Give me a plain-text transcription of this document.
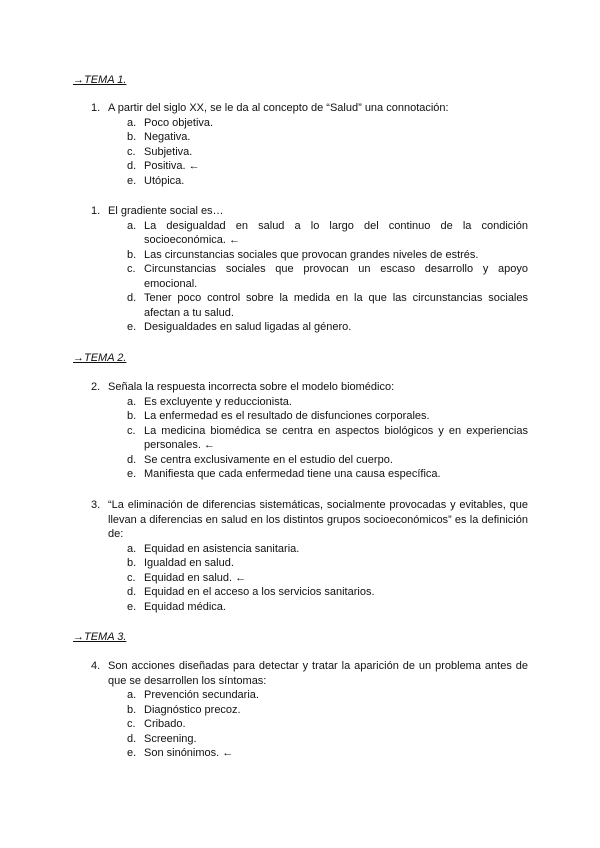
→TEMA 1.
1. A partir del siglo XX, se le da al concepto de “Salud” una connotación:
a. Poco objetiva.
b. Negativa.
c. Subjetiva.
d. Positiva. ←
e. Utópica.
1. El gradiente social es…
a. La desigualdad en salud a lo largo del continuo de la condición socioeconómica. ←
b. Las circunstancias sociales que provocan grandes niveles de estrés.
c. Circunstancias sociales que provocan un escaso desarrollo y apoyo emocional.
d. Tener poco control sobre la medida en la que las circunstancias sociales afectan a tu salud.
e. Desigualdades en salud ligadas al género.
→TEMA 2.
2. Señala la respuesta incorrecta sobre el modelo biomédico:
a. Es excluyente y reduccionista.
b. La enfermedad es el resultado de disfunciones corporales.
c. La medicina biomédica se centra en aspectos biológicos y en experiencias personales. ←
d. Se centra exclusivamente en el estudio del cuerpo.
e. Manifiesta que cada enfermedad tiene una causa específica.
3. “La eliminación de diferencias sistemáticas, socialmente provocadas y evitables, que llevan a diferencias en salud en los distintos grupos socioeconómicos” es la definición de:
a. Equidad en asistencia sanitaria.
b. Igualdad en salud.
c. Equidad en salud. ←
d. Equidad en el acceso a los servicios sanitarios.
e. Equidad médica.
→TEMA 3.
4. Son acciones diseñadas para detectar y tratar la aparición de un problema antes de que se desarrollen los síntomas:
a. Prevención secundaria.
b. Diagnóstico precoz.
c. Cribado.
d. Screening.
e. Son sinónimos. ←
